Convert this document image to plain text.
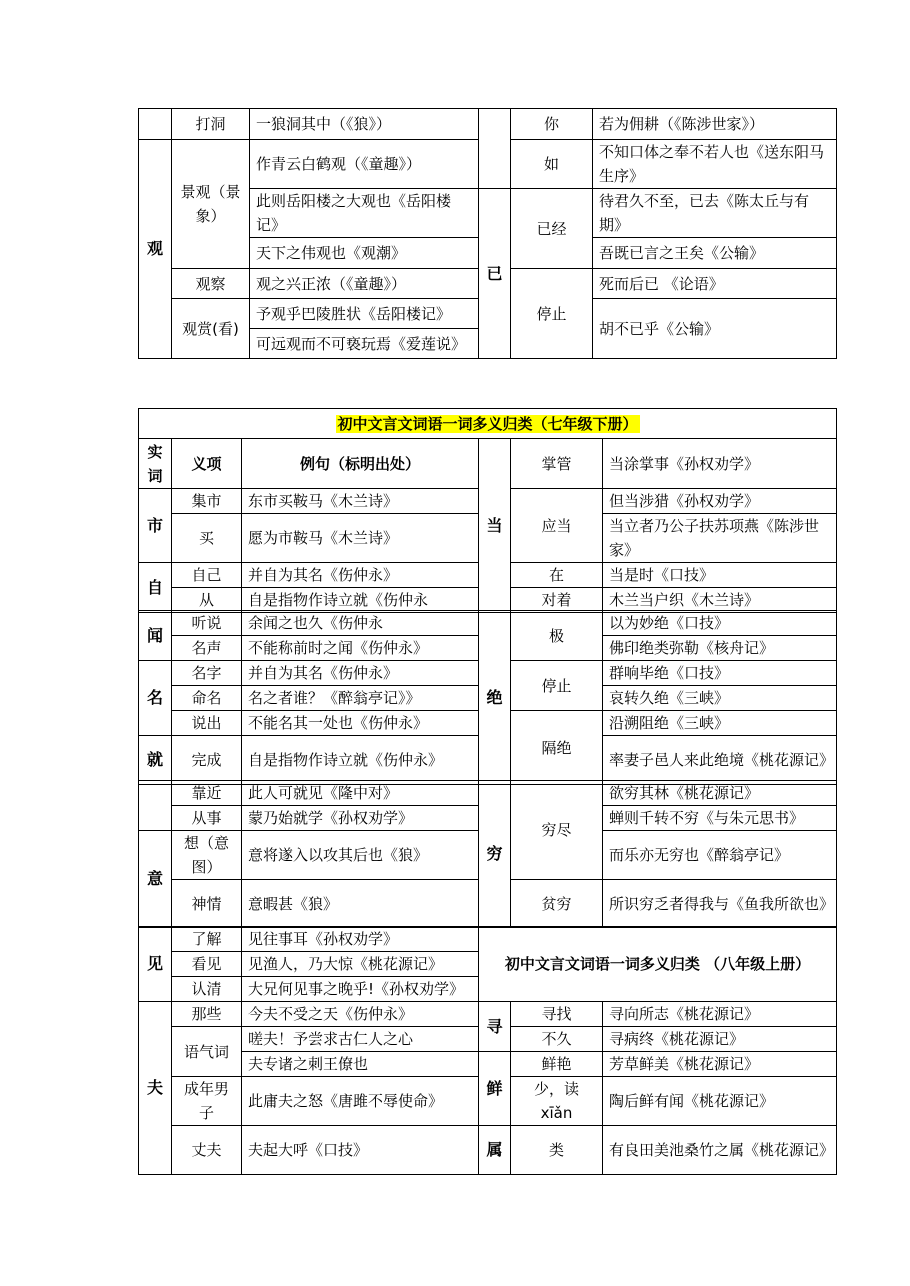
	打洞	一狼洞其中（《狼》）		你	若为佣耕（《陈涉世家》）
观	景观（景象）	作青云白鹤观（《童趣》）		如	不知口体之奉不若人也《送东阳马生序》
		此则岳阳楼之大观也《岳阳楼记》	已	已经	待君久不至，已去《陈太丘与有期》
		天下之伟观也《观潮》			吾既已言之王矣《公输》
	观察	观之兴正浓（《童趣》）		停止	死而后已 《论语》
	观赏(看)	予观乎巴陵胜状《岳阳楼记》			胡不已乎《公输》
		可远观而不可亵玩焉《爱莲说》			
初中文言文词语一词多义归类（七年级下册）					
实词	义项	例句（标明出处）	当	掌管	当涂掌事《孙权劝学》
市	集市	东市买鞍马《木兰诗》		应当	但当涉猎《孙权劝学》
	买	愿为市鞍马《木兰诗》			当立者乃公子扶苏项燕《陈涉世家》
自	自己	并自为其名《伤仲永》		在	当是时《口技》
	从	自是指物作诗立就《伤仲永		对着	木兰当户织《木兰诗》
闻	听说	余闻之也久《伤仲永	绝	极	以为妙绝《口技》
	名声	不能称前时之闻《伤仲永》			佛印绝类弥勒《核舟记》
名	名字	并自为其名《伤仲永》		停止	群响毕绝《口技》
	命名	名之者谁？《醉翁亭记》》			哀转久绝《三峡》
	说出	不能名其一处也《伤仲永》		隔绝	沿溯阻绝《三峡》
就	完成	自是指物作诗立就《伤仲永》			率妻子邑人来此绝境《桃花源记》
	靠近	此人可就见《隆中对》	穷	穷尽	欲穷其林《桃花源记》
	从事	蒙乃始就学《孙权劝学》			蝉则千转不穷《与朱元思书》
意	想（意图）	意将遂入以攻其后也《狼》			而乐亦无穷也《醉翁亭记》
	神情	意暇甚《狼》		贫穷	所识穷乏者得我与《鱼我所欲也》
见	了解	见往事耳《孙权劝学》	初中文言文词语一词多义归类 （八年级上册）		
	看见	见渔人，乃大惊《桃花源记》			
	认清	大兄何见事之晚乎!《孙权劝学》			
夫	那些	今夫不受之天《伤仲永》	寻	寻找	寻向所志《桃花源记》
	语气词	嗟夫！予尝求古仁人之心		不久	寻病终《桃花源记》
		夫专诸之刺王僚也	鲜	鲜艳	芳草鲜美《桃花源记》
	成年男子	此庸夫之怒《唐雎不辱使命》		少，读 xīǎn	陶后鲜有闻《桃花源记》
	丈夫	夫起大呼《口技》	属	类	有良田美池桑竹之属《桃花源记》
